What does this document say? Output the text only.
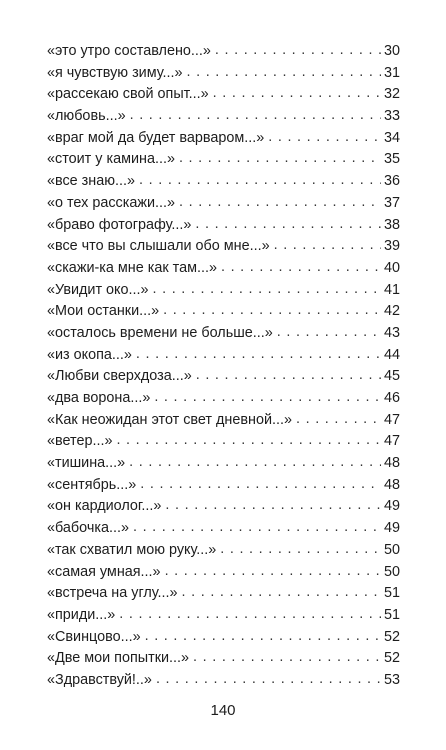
«это утро составлено...» . . .	30
«я чувствую зиму...» . . .	31
«рассекаю свой опыт...» . . .	32
«любовь...» . . .	33
«враг мой да будет варваром...» . . .	34
«стоит у камина...» . . .	35
«все знаю...» . . .	36
«о тех расскажи...» . . .	37
«браво фотографу...» . . .	38
«все что вы слышали обо мне...» . . .	39
«скажи-ка мне как там...» . . .	40
«Увидит око...» . . .	41
«Мои останки...» . . .	42
«осталось времени не больше...» . . .	43
«из окопа...» . . .	44
«Любви сверхдоза...» . . .	45
«два ворона...» . . .	46
«Как неожидан этот свет дневной...» . . .	47
«ветер...» . . .	47
«тишина...» . . .	48
«сентябрь...» . . .	48
«он кардиолог...» . . .	49
«бабочка...» . . .	49
«так схватил мою руку...» . . .	50
«самая умная...» . . .	50
«встреча на углу...» . . .	51
«приди...» . . .	51
«Свинцово...» . . .	52
«Две мои попытки...» . . .	52
«Здравствуй!..» . . .	53
140
